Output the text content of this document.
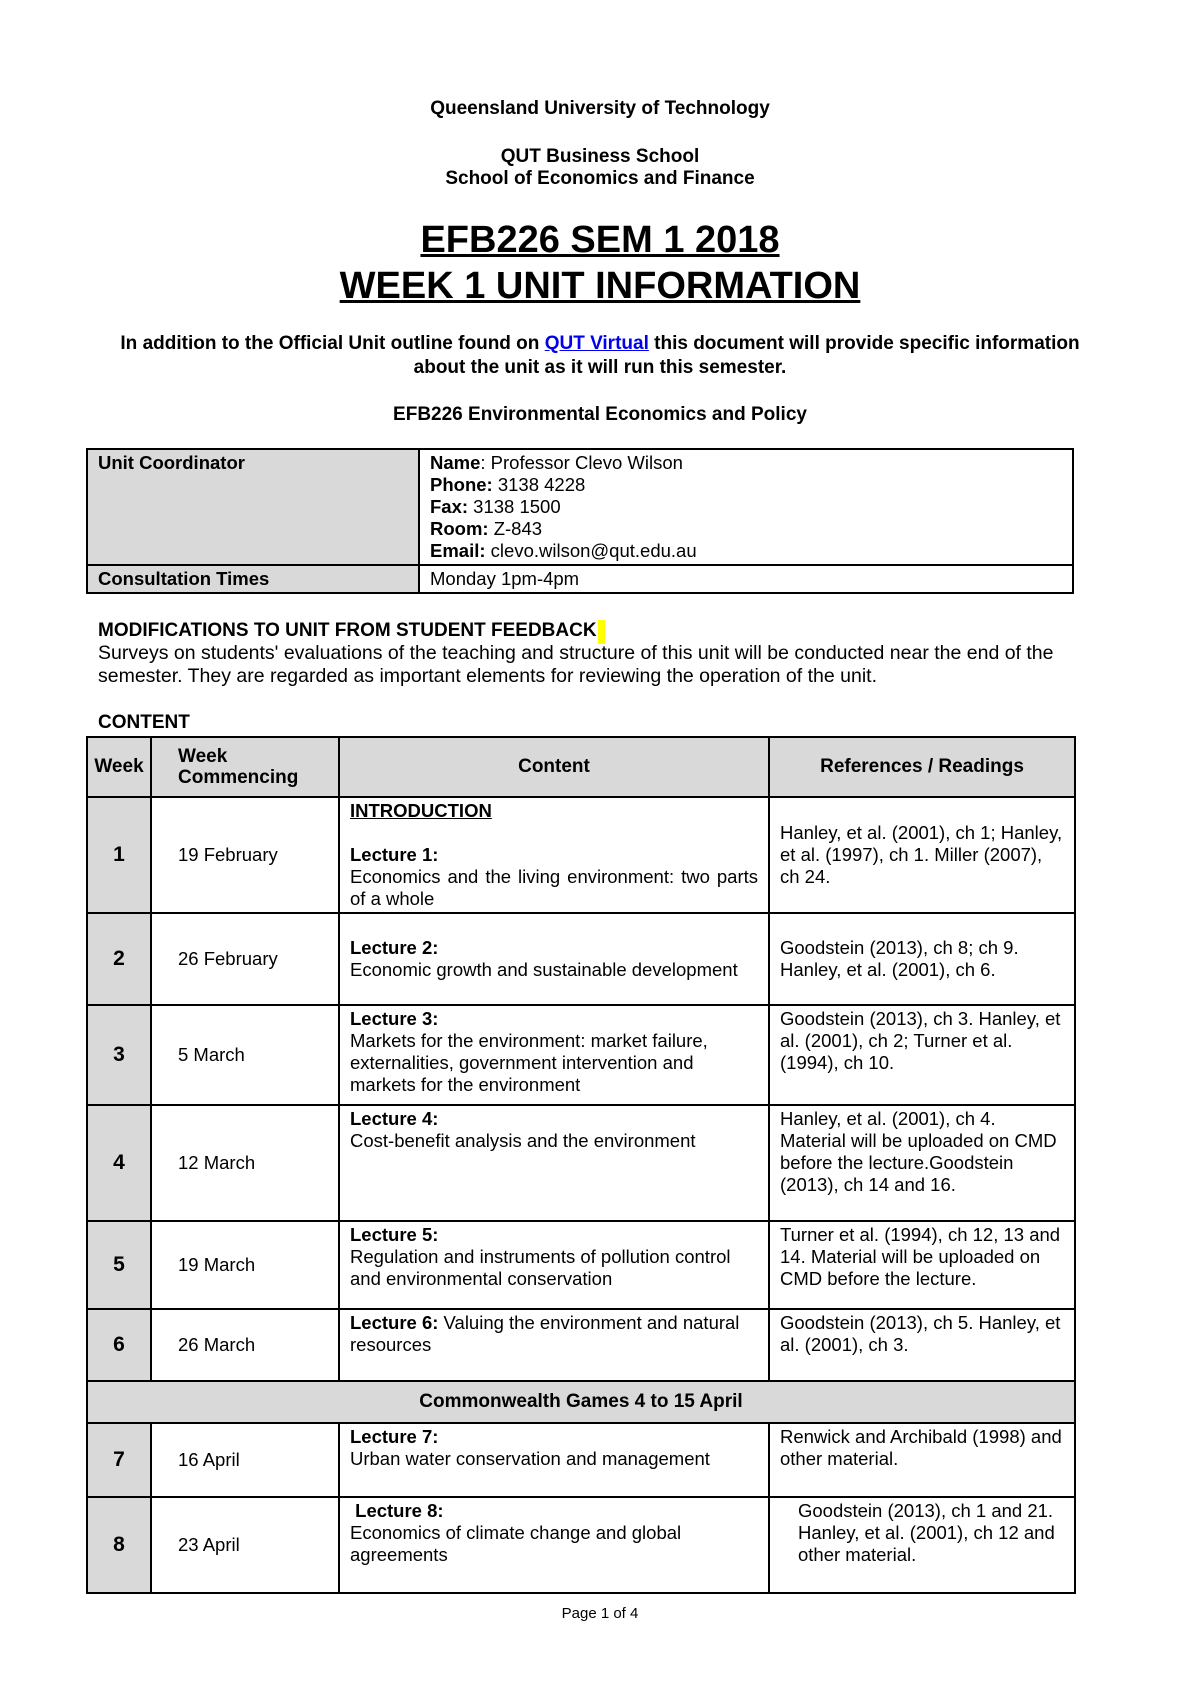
Queensland University of Technology
QUT Business School
School of Economics and Finance
EFB226 SEM 1 2018
WEEK 1 UNIT INFORMATION
In addition to the Official Unit outline found on QUT Virtual this document will provide specific information about the unit as it will run this semester.
EFB226 Environmental Economics and Policy
Unit Coordinator	Name: Professor Clevo Wilson
Phone: 3138 4228
Fax: 3138 1500
Room: Z-843
Email: clevo.wilson@qut.edu.au

Consultation Times	Monday 1pm-4pm
MODIFICATIONS TO UNIT FROM STUDENT FEEDBACK
Surveys on students' evaluations of the teaching and structure of this unit will be conducted near the end of the semester. They are regarded as important elements for reviewing the operation of the unit.
CONTENT
Week	Week Commencing	Content	References / Readings
1	19 February	INTRODUCTION
Lecture 1:
Economics and the living environment: two parts of a whole	Hanley, et al. (2001), ch 1; Hanley, et al. (1997), ch 1. Miller (2007), ch 24.
2	26 February	Lecture 2:
Economic growth and sustainable development	Goodstein (2013), ch 8; ch 9. Hanley, et al. (2001), ch 6.
3	5 March	Lecture 3:
Markets for the environment: market failure, externalities, government intervention and markets for the environment	Goodstein (2013), ch 3. Hanley, et al. (2001), ch 2; Turner et al. (1994), ch 10.
4	12 March	Lecture 4:
Cost-benefit analysis and the environment	Hanley, et al. (2001), ch 4. Material will be uploaded on CMD before the lecture.Goodstein (2013), ch 14 and 16.
5	19 March	Lecture 5:
Regulation and instruments of pollution control and environmental conservation	Turner et al. (1994), ch 12, 13 and 14. Material will be uploaded on CMD before the lecture.
6	26 March	Lecture 6: Valuing the environment and natural resources	Goodstein (2013), ch 5. Hanley, et al. (2001), ch 3.
Commonwealth Games 4 to 15 April			
7	16 April	Lecture 7:
Urban water conservation and management	Renwick and Archibald (1998) and other material.
8	23 April	Lecture 8:
Economics of climate change and global agreements	Goodstein (2013), ch 1 and 21. Hanley, et al. (2001), ch 12 and other material.
Page 1 of 4
